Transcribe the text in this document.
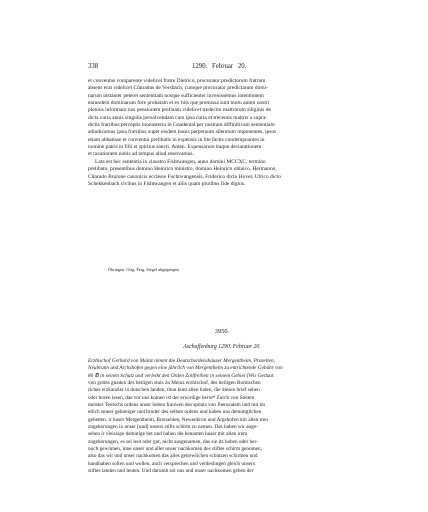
338	1290. Februar 20.
et conventus comparente videlicet fratre Dietrico, procurator predictorum fratrum
absens erat videlicet Cůnradus de Versbach, cumque procurator predictarum domi-
narum instanter peteret sententiam nosque sufficienter invenissemus intentionem
earundem dominarum fore probatam et ex hiis que premissa sunt motu animi nostri
plenius informato nos pensionem prefatam videlicet tredecim maltrorum siliginis de
dicta curia annis singulis persolvendam cum ipsa curia et trecentis maltris a supra-
dictis fratribus perceptis monasterio in Gnadental per nostram diffinitivam sententiam
adiudicamus ipsis fratribus super eisdem bonis perpetuum silentium imponentes, ipsos
etiam abbatisse et conventui prelibatis in expensis in lite factis condempnantes in
nomine patris et filii et spiritus sancti. Amen. Expensarum itaque declarationem
et taxationem nobis ad tempus aliud reservamus.
Lata est hec sententia in claustro Fishtwangen, anno domini MCCXC, termino
prelibato, presentibus domino Heinrico ministro, domino Heinrico oblaico, Hermanno,
Cůnrado Brulone canonicis ecclesie Fuchtwangensis, Friderico dicto Hover, Ulrico dicto
Schekkenbach civibus in Fishtwangen et aliis quam pluribus fide dignis.
Öhringen. Orig. Perg. Siegel abgegangen.
3950.
Aschaffenburg 1290. Februar 20.
Erzbischof Gerhard von Mainz nimmt die Deutschordenshäuser Mergentheim, Prozelten,
Neubrunn und Archshofen gegen eine jährlich von Mergentheim zu entrichtende Gebühr von
80 ℔ in seinen Schutz und verleiht den Orden Zollfreiheit in seinem Gebiet (Wir Gerhart
von gottes gnaden des heiligen stuls zu Meinz erzbischof, des heiligen Romischen
riches erzkanzler in dutschen landen, thun kunt allen luden, die diesen brief sehen
oder horen lesen, das vor uns komen ist der erwirdige herre* Zurch von Stetten
meister Teutschs ordens unser lieben frauwen des spitals von Jherusalem und mit im
etlich seiner gebietiger und bruder des selben ordens und haben uns demutiglichen
gebetten, ir huser Mergentheim, Brotselden, Newenbron und Argshofen mit allen iren
zugehorungen in unser [und] unsers stifts schirm zu nemen. Des haben wir ange-
sehen ir vleissige demutige bet und haben die benanten huser mit allen irem
zugehorungen, es sei leut oder gut, nicht ausgenomen, das sie itz haben oder her-
noch gewinnen, inne unser und aller unser nachkomen des stiftes schirm genomen,
also das wir und unser nachkomen das alles getrewlichen schutzen schirmen und
handhaben sollen und wollen, auch versprechen und verdeslingen gleich unsers
stiftes landen und leuten. Und darumb sol uns und unser nachkomen geben der
